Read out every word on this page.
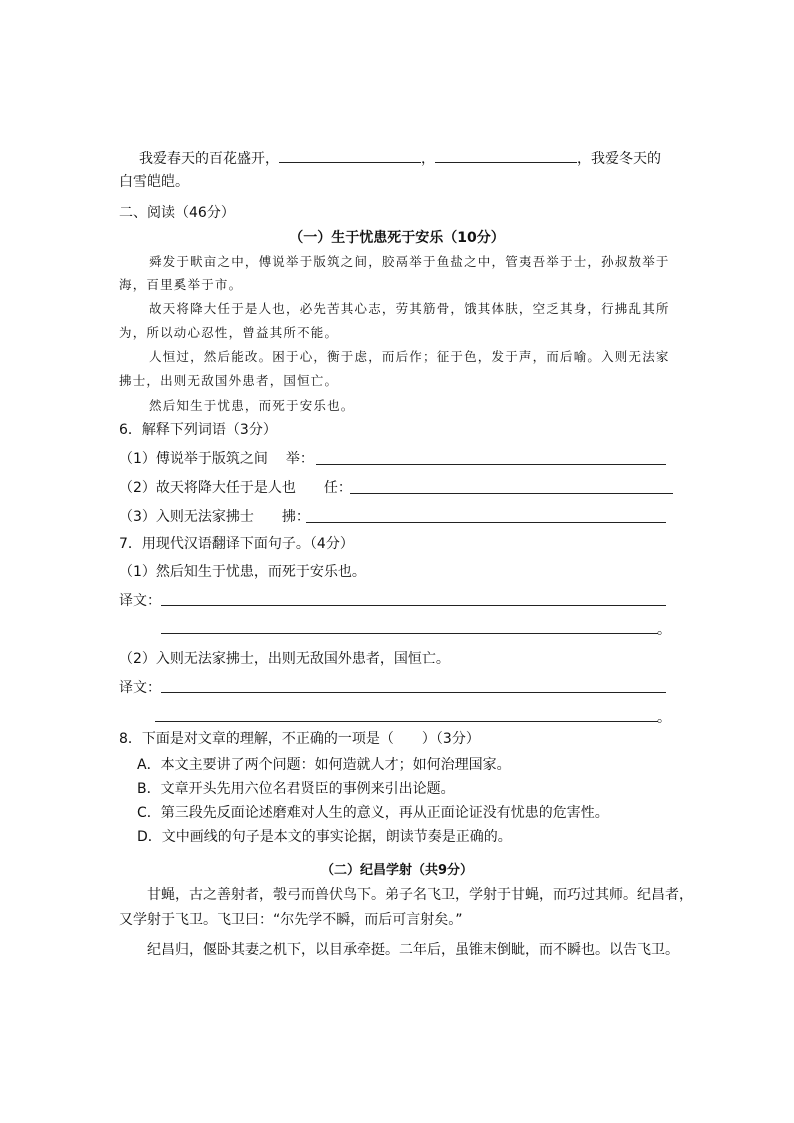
我爱春天的百花盛开，	，	，我爱冬天的
白雪皑皑。
二、阅读（46分）
（一）生于忧患死于安乐（10分）
舜发于畎亩之中，傅说举于版筑之间，胶鬲举于鱼盐之中，管夷吾举于士，孙叔敖举于
海，百里奚举于市。
故天将降大任于是人也，必先苦其心志，劳其筋骨，饿其体肤，空乏其身，行拂乱其所
为，所以动心忍性，曾益其所不能。
人恒过，然后能改。困于心，衡于虑，而后作；征于色，发于声，而后喻。入则无法家
拂士，出则无敌国外患者，国恒亡。
然后知生于忧患，而死于安乐也。
6．解释下列词语（3分）
（1）傅说举于版筑之间 举：
（2）故天将降大任于是人也 任：
（3）入则无法家拂士 拂：
7．用现代汉语翻译下面句子。（4分）
（1）然后知生于忧患，而死于安乐也。
译文：
。
（2）入则无法家拂士，出则无敌国外患者，国恒亡。
译文：
。
8．下面是对文章的理解，不正确的一项是（　　）（3分）
A．本文主要讲了两个问题：如何造就人才；如何治理国家。
B．文章开头先用六位名君贤臣的事例来引出论题。
C．第三段先反面论述磨难对人生的意义，再从正面论证没有忧患的危害性。
D．文中画线的句子是本文的事实论据，朗读节奏是正确的。
（二）纪昌学射（共9分）
甘蝇，古之善射者，彀弓而兽伏鸟下。弟子名飞卫，学射于甘蝇，而巧过其师。纪昌者，
又学射于飞卫。飞卫曰：“尔先学不瞬，而后可言射矣。”
纪昌归，偃卧其妻之机下，以目承牵挺。二年后，虽锥末倒眦，而不瞬也。以告飞卫。
